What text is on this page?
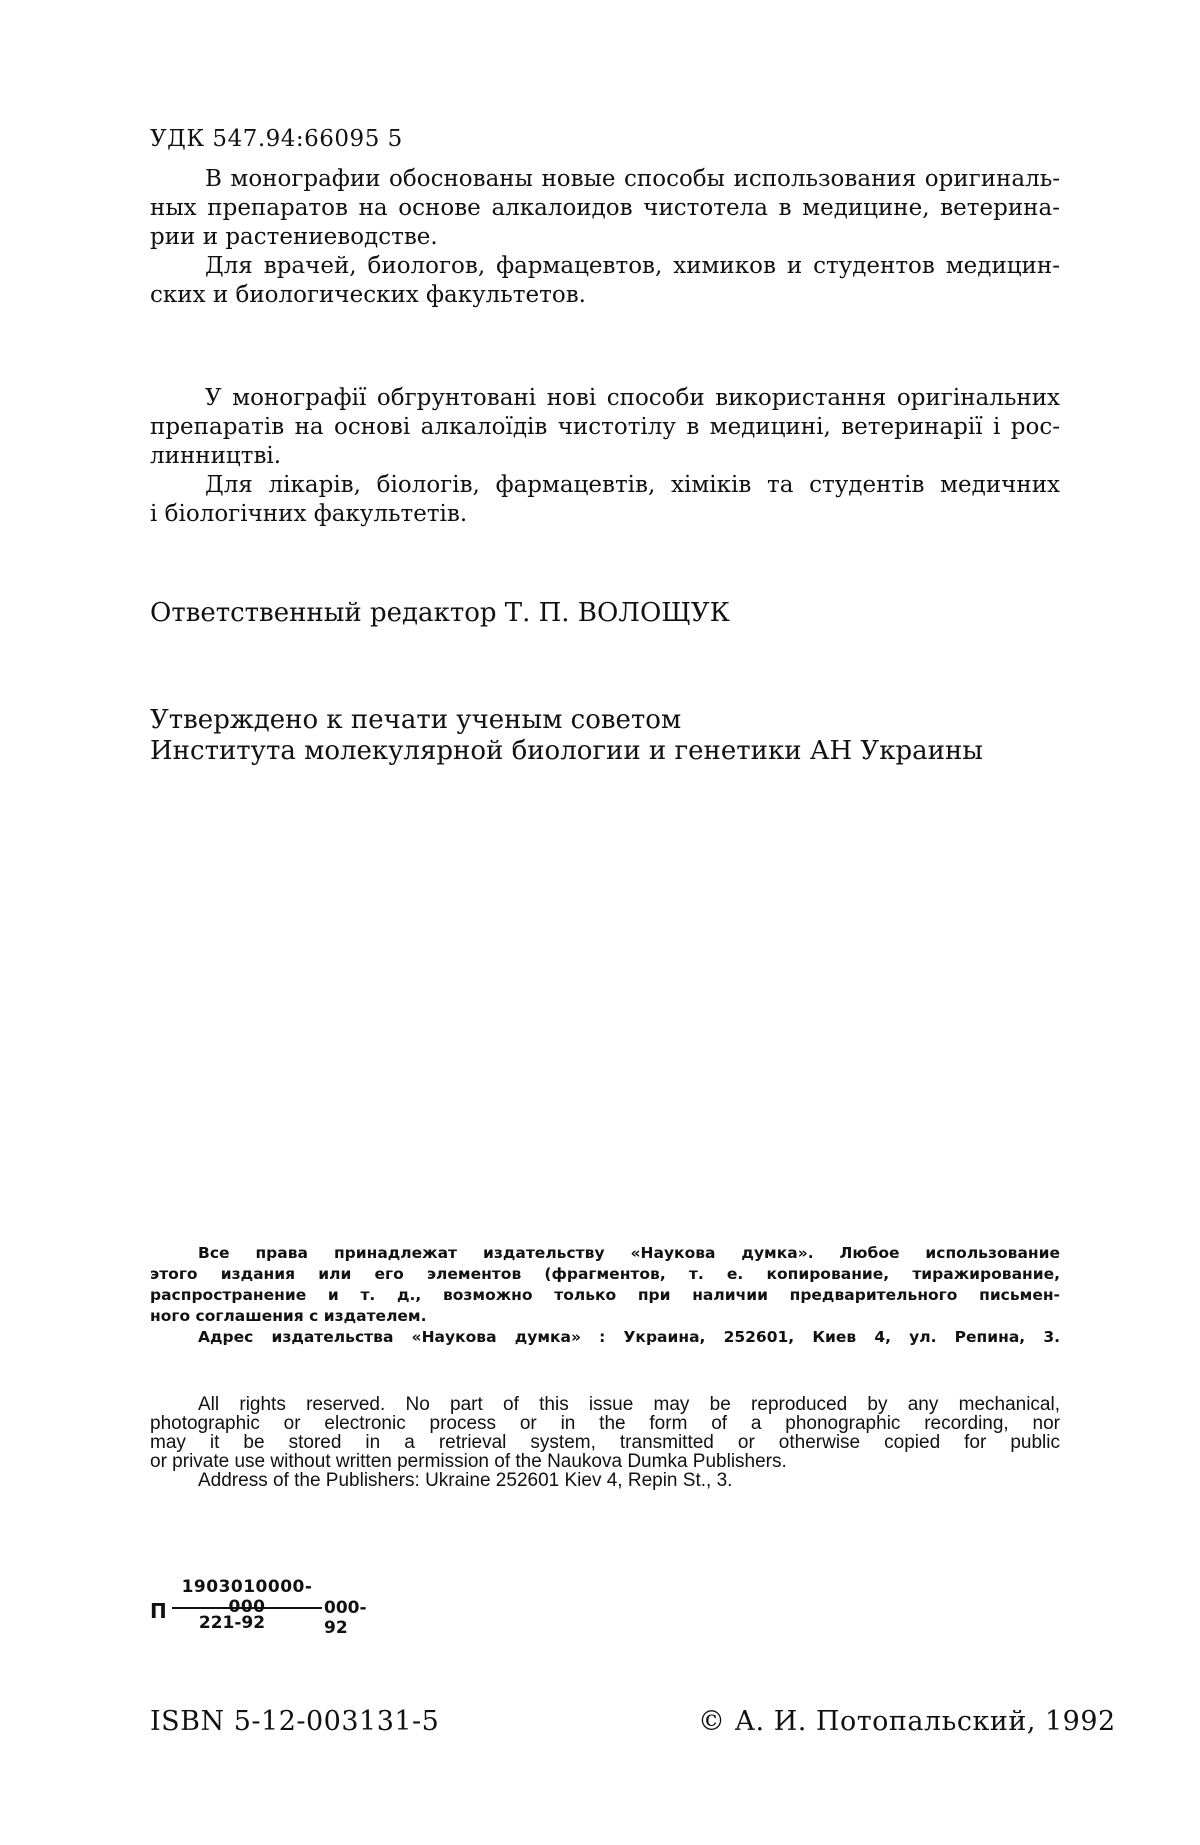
УДК 547.94:66095 5
В монографии обоснованы новые способы использования оригиналь-
ных препаратов на основе алкалоидов чистотела в медицине, ветерина-
рии и растениеводстве.
Для врачей, биологов, фармацевтов, химиков и студентов медицин-
ских и биологических факультетов.
У монографії обгрунтовані нові способи використання оригінальних
препаратів на основі алкалоїдів чистотілу в медицині, ветеринарії і рос-
линництві.
Для лікарів, біологів, фармацевтів, хіміків та студентів медичних
і біологічних факультетів.
Ответственный редактор Т. П. ВОЛОЩУК
Утверждено к печати ученым советом
Института молекулярной биологии и генетики АН Украины
Все права принадлежат издательству «Наукова думка». Любое использование
этого издания или его элементов (фрагментов, т. е. копирование, тиражирование,
распространение и т. д., возможно только при наличии предварительного письмен-
ного соглашения с издателем.
Адрес издательства «Наукова думка» : Украина, 252601, Киев 4, ул. Репина, 3.
All rights reserved. No part of this issue may be reproduced by any mechanical,
photographic or electronic process or in the form of a phonographic recording, nor
may it be stored in a retrieval system, transmitted or otherwise copied for public
or private use without written permission of the Naukova Dumka Publishers.
Address of the Publishers: Ukraine 252601 Kiev 4, Repin St., 3.
П
1903010000-000
221-92
000-92
ISBN 5-12-003131-5	© А. И. Потопальский, 1992
